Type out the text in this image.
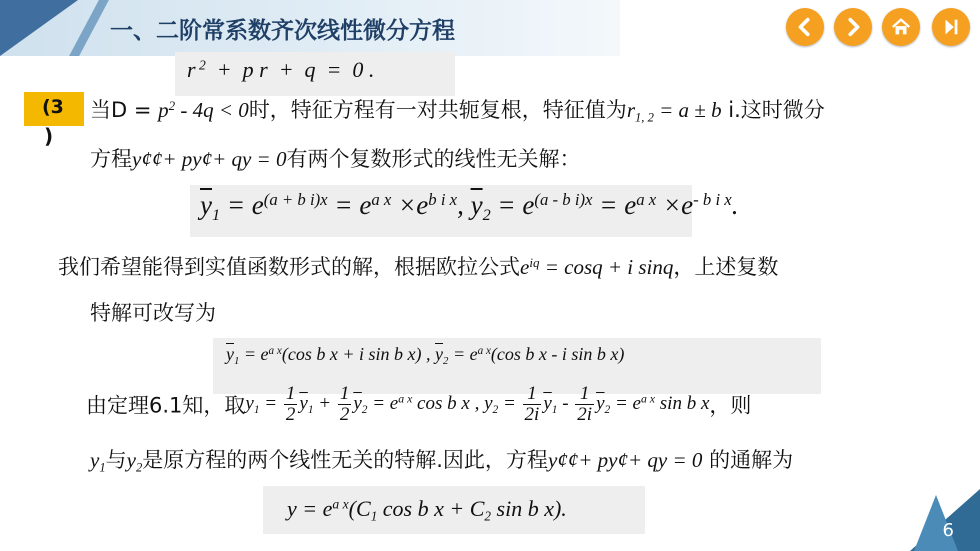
一、二阶常系数齐次线性微分方程
r $^2$  +  p r  +  q  =  0 .
(3
)
当$D = p^2 - 4q < 0$时，特征方程有一对共轭复根，特征值为$r_{1, 2} = a \pm b$ i.这时微分
方程y¢¢+ py¢+ qy = 0有两个复数形式的线性无关解：
$\overline{y}_1 = e^{(a + b i)x} = e^{a x} \times e^{b i x}$, $\overline{y}_2 = e^{(a - b i)x} = e^{a x} \times e^{- b i x}$.
我们希望能得到实值函数形式的解，根据欧拉公式$e^{iq} = \cos q + i$ sinq，上述复数
特解可改写为
$\overline{y}_1 = e^{a x}(\cos$ b x + i sin b x) , $\overline{y}_2 = e^{a x}(\cos$ b x - i sin b x)
由定理6.1知，取$y_1 = \frac{1}{2} \overline{y}_1 + \frac{1}{2} \overline{y}_2 = e^{a x}$ cos b x , $y_2 = \frac{1}{2i} \overline{y}_1 - \frac{1}{2i} \overline{y}_2 = e^{a x}$ sin b x，则
$y_1$与$y_2$是原方程的两个线性无关的特解.因此，方程y¢¢+ py¢+ qy = 0 的通解为
$y = e^{a x}(C_1$ cos b $x + C_2$ sin b x).
6
